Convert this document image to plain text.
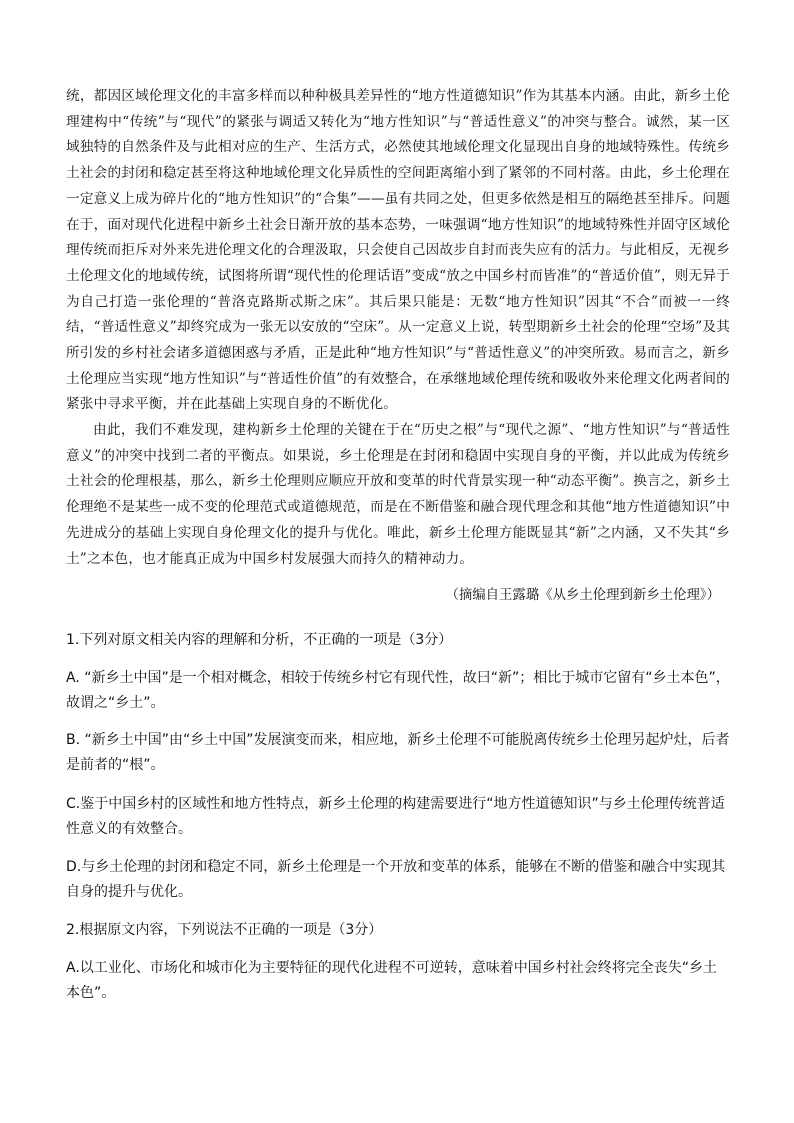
统，都因区域伦理文化的丰富多样而以种种极具差异性的“地方性道德知识”作为其基本内涵。由此，新乡土伦理建构中“传统”与“现代”的紧张与调适又转化为“地方性知识”与“普适性意义”的冲突与整合。诚然，某一区域独特的自然条件及与此相对应的生产、生活方式，必然使其地域伦理文化显现出自身的地域特殊性。传统乡土社会的封闭和稳定甚至将这种地域伦理文化异质性的空间距离缩小到了紧邻的不同村落。由此，乡土伦理在一定意义上成为碎片化的“地方性知识”的“合集”——虽有共同之处，但更多依然是相互的隔绝甚至排斥。问题在于，面对现代化进程中新乡土社会日渐开放的基本态势，一味强调“地方性知识”的地域特殊性并固守区域伦理传统而拒斥对外来先进伦理文化的合理汲取，只会使自己因故步自封而丧失应有的活力。与此相反，无视乡土伦理文化的地域传统，试图将所谓“现代性的伦理话语”变成“放之中国乡村而皆准”的“普适价值”，则无异于为自己打造一张伦理的“普洛克路斯忒斯之床”。其后果只能是：无数“地方性知识”因其“不合”而被一一终结，“普适性意义”却终究成为一张无以安放的“空床”。从一定意义上说，转型期新乡土社会的伦理“空场”及其所引发的乡村社会诸多道德困惑与矛盾，正是此种“地方性知识”与“普适性意义”的冲突所致。易而言之，新乡土伦理应当实现“地方性知识”与“普适性价值”的有效整合，在承继地域伦理传统和吸收外来伦理文化两者间的紧张中寻求平衡，并在此基础上实现自身的不断优化。

由此，我们不难发现，建构新乡土伦理的关键在于在“历史之根”与“现代之源”、“地方性知识”与“普适性意义”的冲突中找到二者的平衡点。如果说，乡土伦理是在封闭和稳固中实现自身的平衡，并以此成为传统乡土社会的伦理根基，那么，新乡土伦理则应顺应开放和变革的时代背景实现一种“动态平衡”。换言之，新乡土伦理绝不是某些一成不变的伦理范式或道德规范，而是在不断借鉴和融合现代理念和其他“地方性道德知识”中先进成分的基础上实现自身伦理文化的提升与优化。唯此，新乡土伦理方能既显其“新”之内涵，又不失其“乡土”之本色，也才能真正成为中国乡村发展强大而持久的精神动力。

（摘编自王露璐《从乡土伦理到新乡土伦理》）

1.下列对原文相关内容的理解和分析，不正确的一项是（3分）

A. “新乡土中国”是一个相对概念，相较于传统乡村它有现代性，故曰“新”；相比于城市它留有“乡土本色”，故谓之“乡土”。

B. “新乡土中国”由“乡土中国”发展演变而来，相应地，新乡土伦理不可能脱离传统乡土伦理另起炉灶，后者是前者的“根”。

C.鉴于中国乡村的区域性和地方性特点，新乡土伦理的构建需要进行“地方性道德知识”与乡土伦理传统普适性意义的有效整合。

D.与乡土伦理的封闭和稳定不同，新乡土伦理是一个开放和变革的体系，能够在不断的借鉴和融合中实现其自身的提升与优化。

2.根据原文内容，下列说法不正确的一项是（3分）

A.以工业化、市场化和城市化为主要特征的现代化进程不可逆转，意味着中国乡村社会终将完全丧失“乡土本色”。
